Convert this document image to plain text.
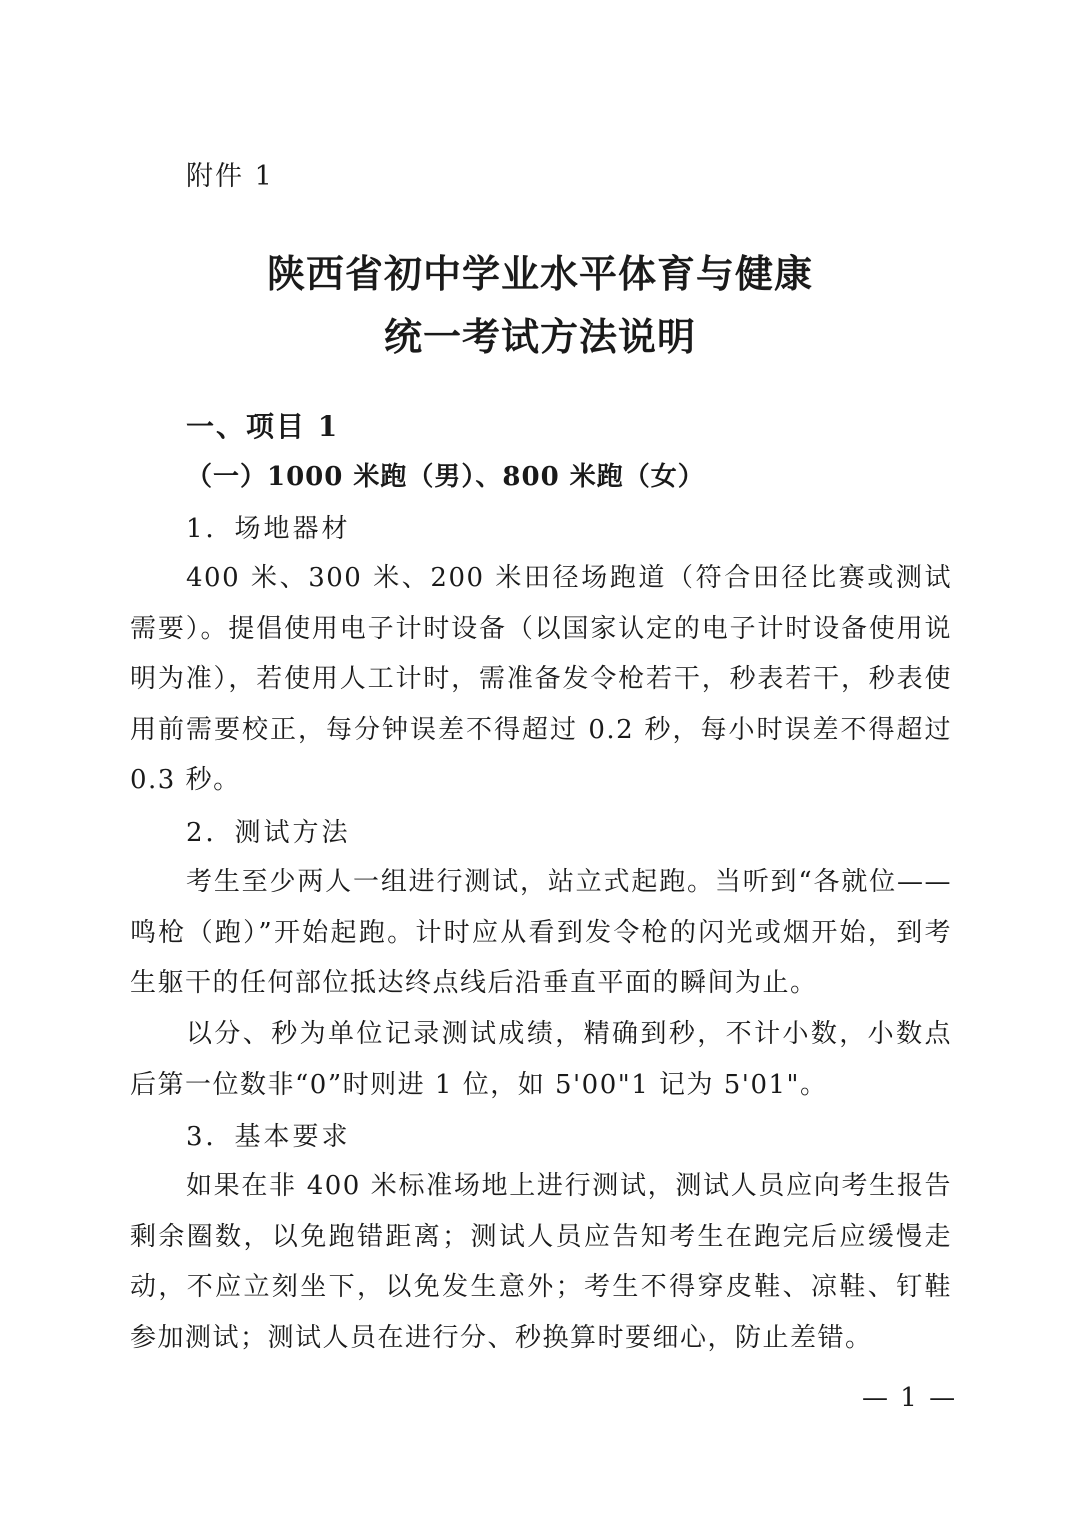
附件 1
陕西省初中学业水平体育与健康
统一考试方法说明
一、项目 1
（一）1000 米跑（男）、800 米跑（女）
1．场地器材

400 米、300 米、200 米田径场跑道（符合田径比赛或测试需要）。提倡使用电子计时设备（以国家认定的电子计时设备使用说明为准），若使用人工计时，需准备发令枪若干，秒表若干，秒表使用前需要校正，每分钟误差不得超过 0.2 秒，每小时误差不得超过 0.3 秒。

2．测试方法

考生至少两人一组进行测试，站立式起跑。当听到“各就位——鸣枪（跑）”开始起跑。计时应从看到发令枪的闪光或烟开始，到考生躯干的任何部位抵达终点线后沿垂直平面的瞬间为止。

以分、秒为单位记录测试成绩，精确到秒，不计小数，小数点后第一位数非“0”时则进 1 位，如 5'00"1 记为 5'01"。

3．基本要求

如果在非 400 米标准场地上进行测试，测试人员应向考生报告剩余圈数，以免跑错距离；测试人员应告知考生在跑完后应缓慢走动，不应立刻坐下，以免发生意外；考生不得穿皮鞋、凉鞋、钉鞋参加测试；测试人员在进行分、秒换算时要细心，防止差错。

— 1 —
